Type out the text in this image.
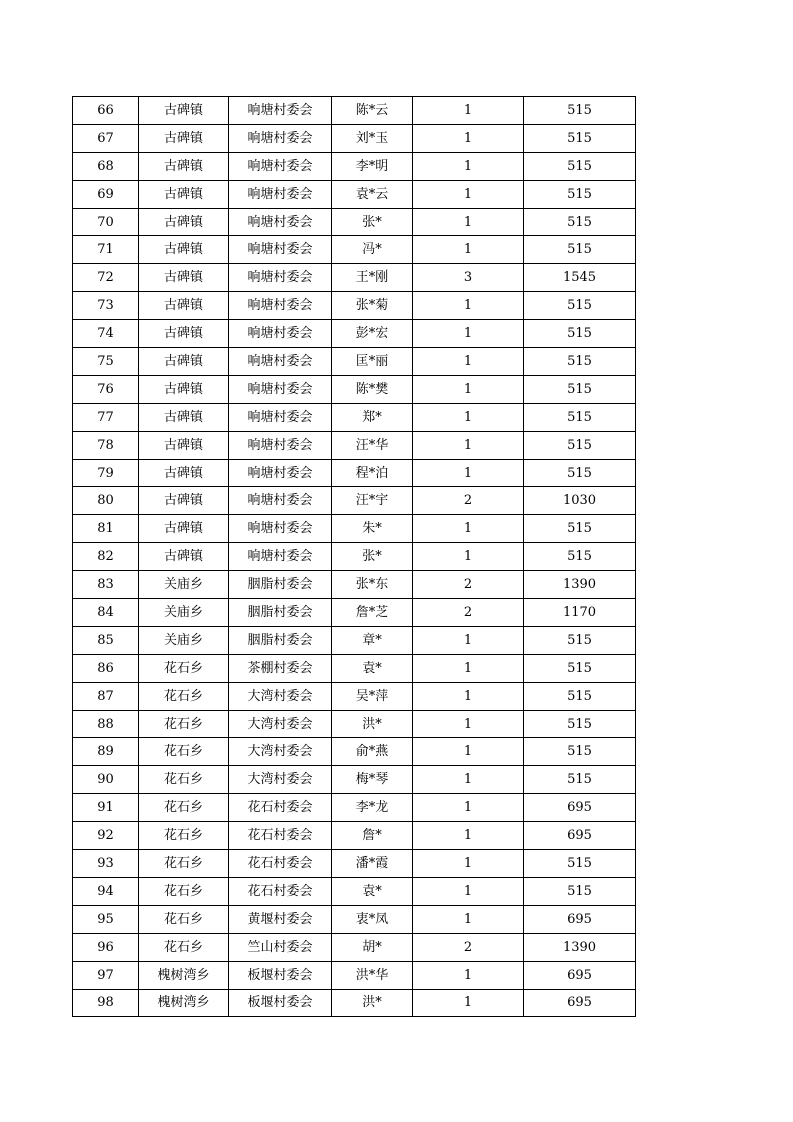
66	古碑镇	响塘村委会	陈*云	1	515
67	古碑镇	响塘村委会	刘*玉	1	515
68	古碑镇	响塘村委会	李*明	1	515
69	古碑镇	响塘村委会	袁*云	1	515
70	古碑镇	响塘村委会	张*	1	515
71	古碑镇	响塘村委会	冯*	1	515
72	古碑镇	响塘村委会	王*刚	3	1545
73	古碑镇	响塘村委会	张*菊	1	515
74	古碑镇	响塘村委会	彭*宏	1	515
75	古碑镇	响塘村委会	匡*丽	1	515
76	古碑镇	响塘村委会	陈*樊	1	515
77	古碑镇	响塘村委会	郑*	1	515
78	古碑镇	响塘村委会	汪*华	1	515
79	古碑镇	响塘村委会	程*泊	1	515
80	古碑镇	响塘村委会	汪*宇	2	1030
81	古碑镇	响塘村委会	朱*	1	515
82	古碑镇	响塘村委会	张*	1	515
83	关庙乡	胭脂村委会	张*东	2	1390
84	关庙乡	胭脂村委会	詹*芝	2	1170
85	关庙乡	胭脂村委会	章*	1	515
86	花石乡	茶棚村委会	袁*	1	515
87	花石乡	大湾村委会	吴*萍	1	515
88	花石乡	大湾村委会	洪*	1	515
89	花石乡	大湾村委会	俞*燕	1	515
90	花石乡	大湾村委会	梅*琴	1	515
91	花石乡	花石村委会	李*龙	1	695
92	花石乡	花石村委会	詹*	1	695
93	花石乡	花石村委会	潘*霞	1	515
94	花石乡	花石村委会	袁*	1	515
95	花石乡	黄堰村委会	衷*凤	1	695
96	花石乡	竺山村委会	胡*	2	1390
97	槐树湾乡	板堰村委会	洪*华	1	695
98	槐树湾乡	板堰村委会	洪*	1	695
